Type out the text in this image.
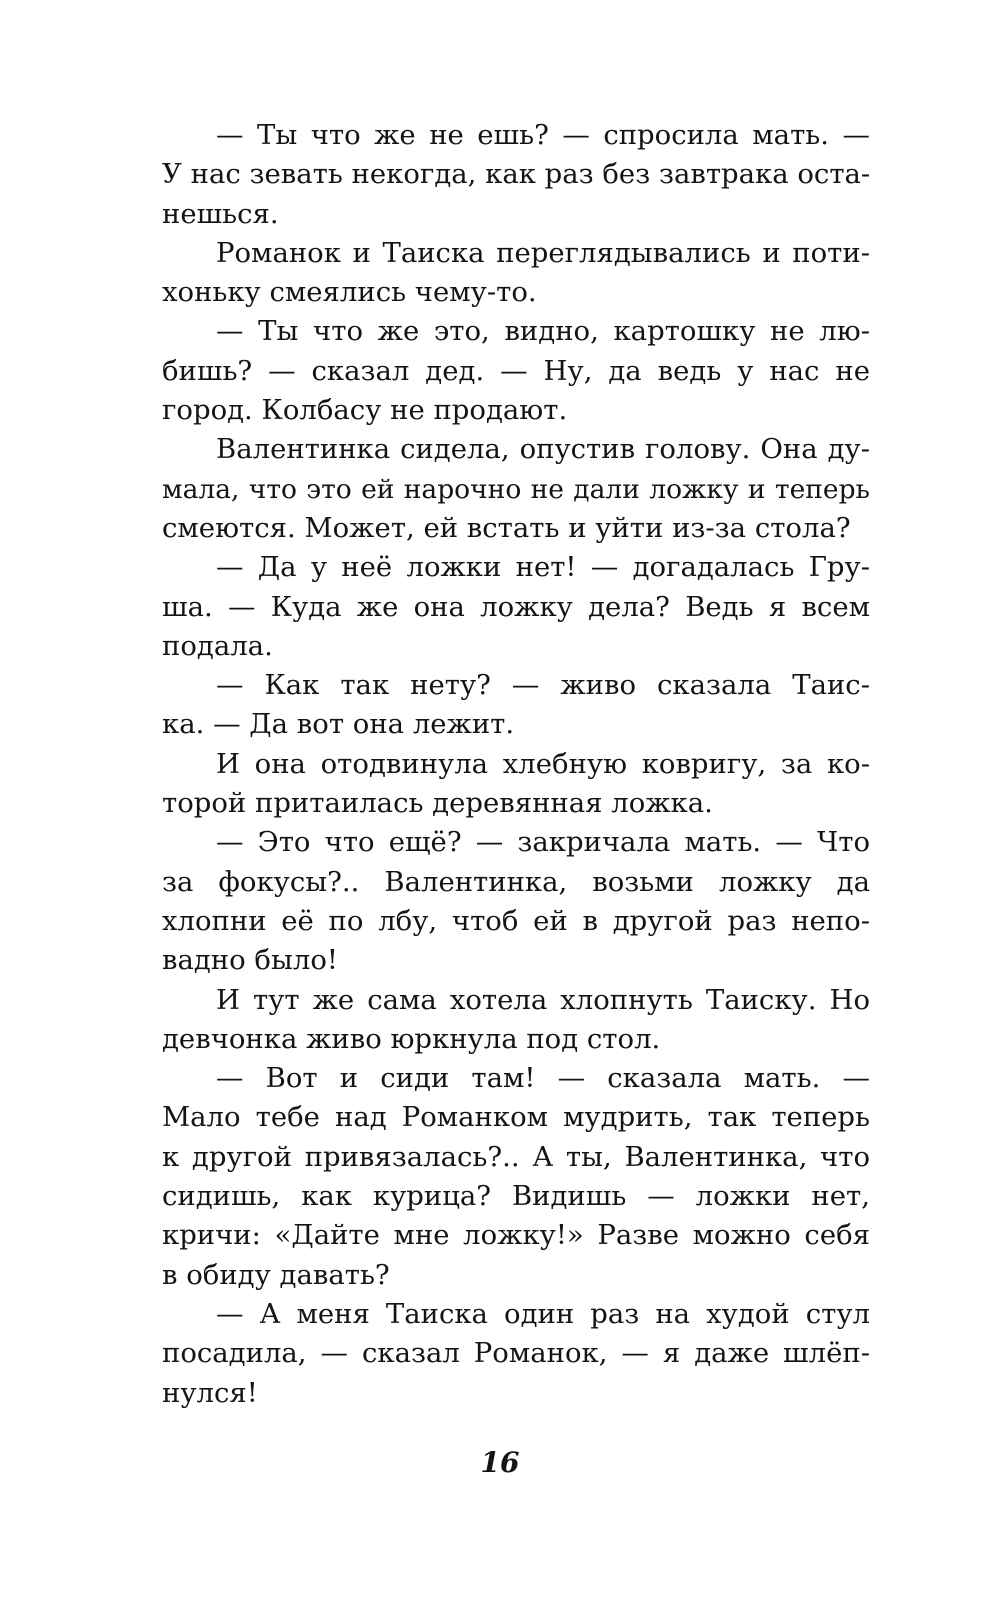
— Ты что же не ешь? — спросила мать. —
У нас зевать некогда, как раз без завтрака оста-
нешься.
Романок и Таиска переглядывались и поти-
хоньку смеялись чему-то.
— Ты что же это, видно, картошку не лю-
бишь? — сказал дед. — Ну, да ведь у нас не
город. Колбасу не продают.
Валентинка сидела, опустив голову. Она ду-
мала, что это ей нарочно не дали ложку и теперь
смеются. Может, ей встать и уйти из-за стола?
— Да у неё ложки нет! — догадалась Гру-
ша. — Куда же она ложку дела? Ведь я всем
подала.
— Как так нету? — живо сказала Таис-
ка. — Да вот она лежит.
И она отодвинула хлебную ковригу, за ко-
торой притаилась деревянная ложка.
— Это что ещё? — закричала мать. — Что
за фокусы?.. Валентинка, возьми ложку да
хлопни её по лбу, чтоб ей в другой раз непо-
вадно было!
И тут же сама хотела хлопнуть Таиску. Но
девчонка живо юркнула под стол.
— Вот и сиди там! — сказала мать. —
Мало тебе над Романком мудрить, так теперь
к другой привязалась?.. А ты, Валентинка, что
сидишь, как курица? Видишь — ложки нет,
кричи: «Дайте мне ложку!» Разве можно себя
в обиду давать?
— А меня Таиска один раз на худой стул
посадила, — сказал Романок, — я даже шлёп-
нулся!
16
